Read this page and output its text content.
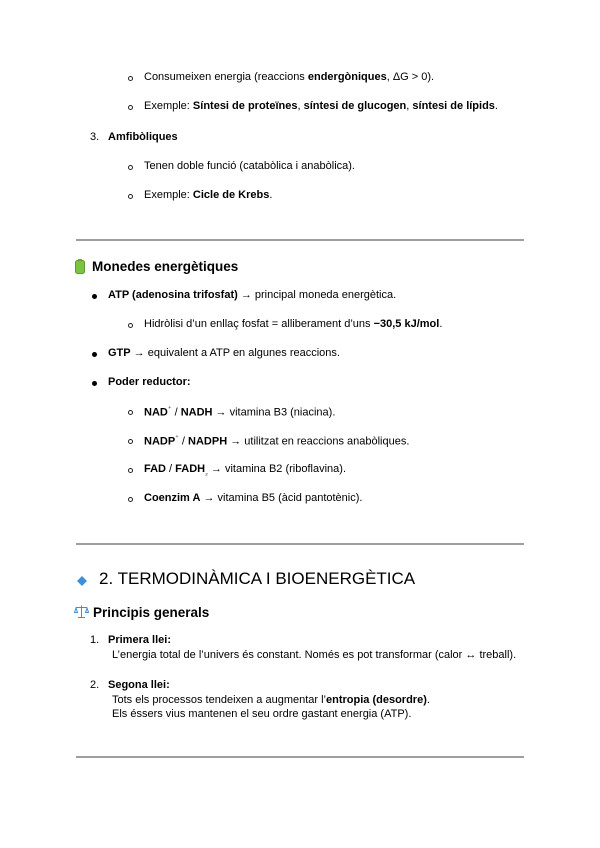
Consumeixen energia (reaccions endergòniques, ΔG > 0).
Exemple: Síntesi de proteïnes, síntesi de glucogen, síntesi de lípids.
3. Amfibòliques
Tenen doble funció (catabòlica i anabòlica).
Exemple: Cicle de Krebs.
Monedes energètiques
ATP (adenosina trifosfat) → principal moneda energètica.
Hidròlisi d’un enllaç fosfat = alliberament d’uns −30,5 kJ/mol.
GTP → equivalent a ATP en algunes reaccions.
Poder reductor:
NAD⁺ / NADH → vitamina B3 (niacina).
NADP⁺ / NADPH → utilitzat en reaccions anabòliques.
FAD / $FADH_{_2}$ → vitamina B2 (riboflavina).
Coenzim A → vitamina B5 (àcid pantotènic).
2. TERMODINÀMICA I BIOENERGÈTICA
Principis generals
1. Primera llei:
L’energia total de l’univers és constant. Només es pot transformar (calor ↔ treball).
2. Segona llei:
Tots els processos tendeixen a augmentar l’entropia (desordre).
Els éssers vius mantenen el seu ordre gastant energia (ATP).
